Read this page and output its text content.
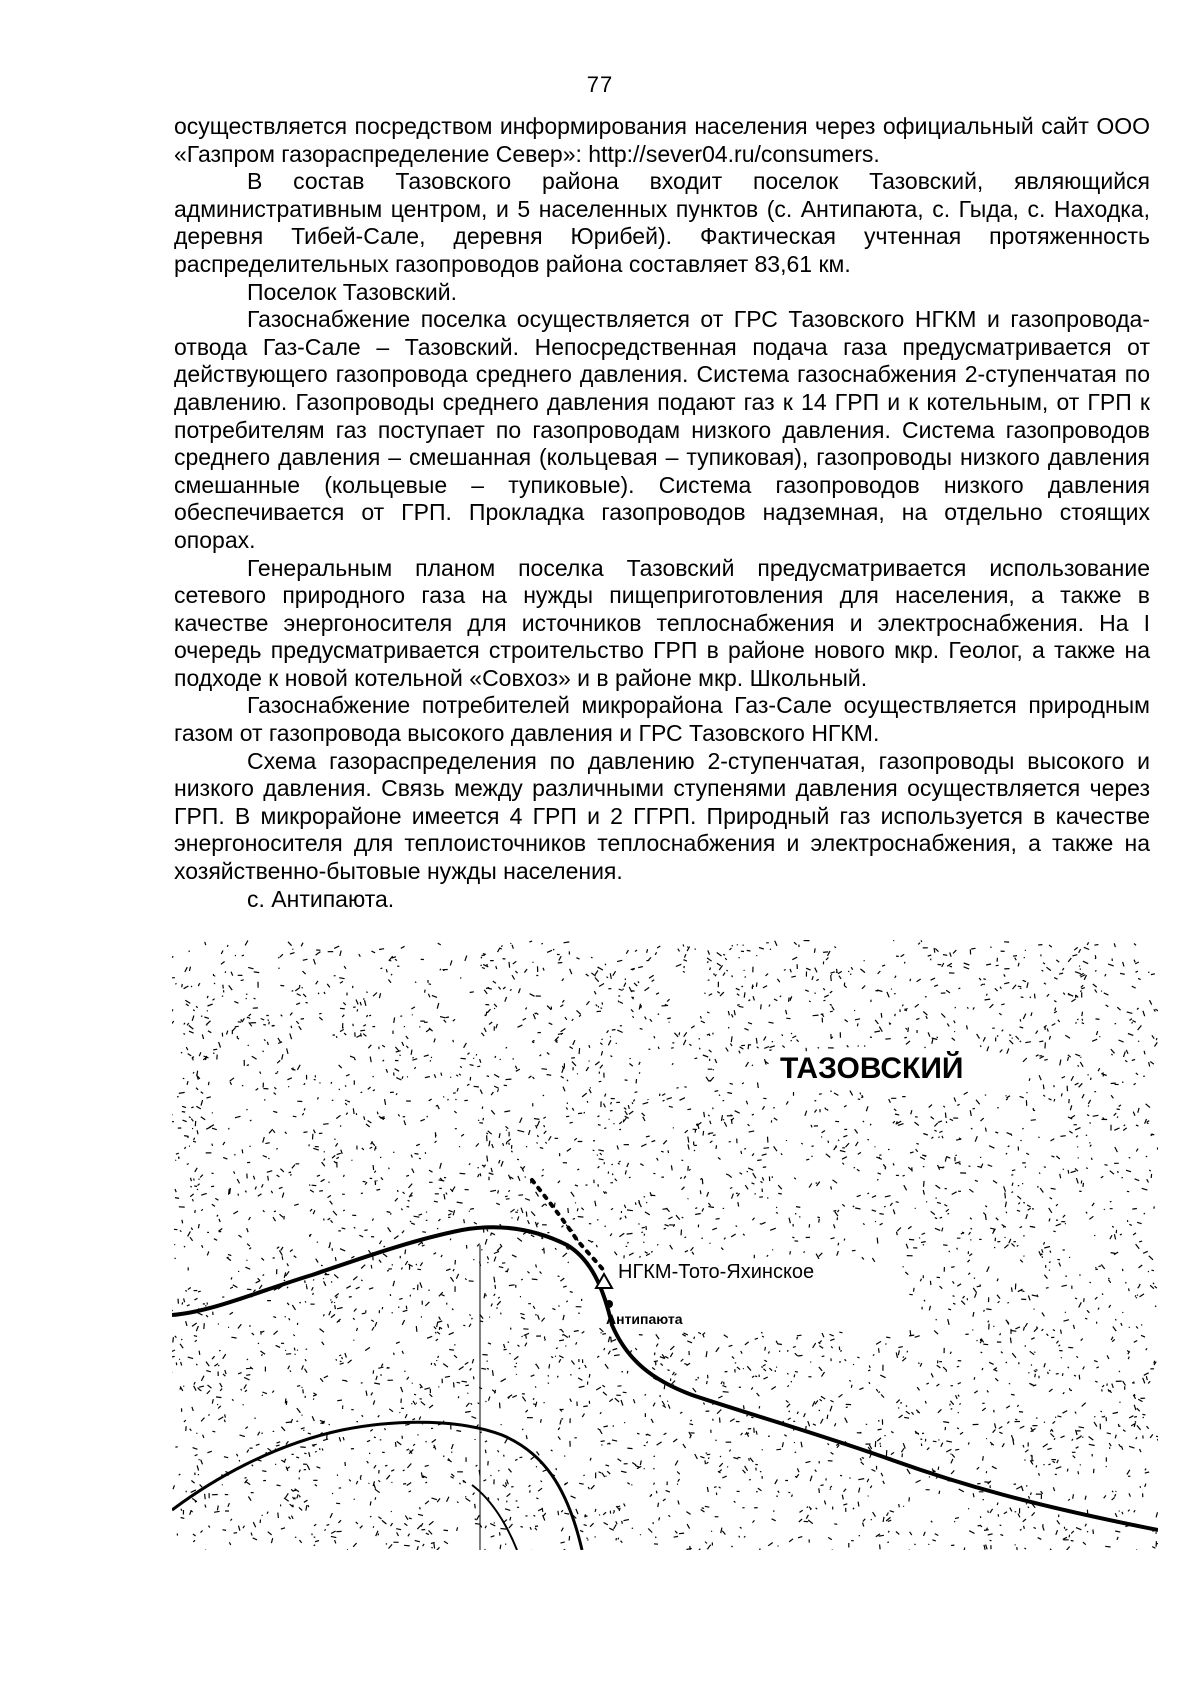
77

осуществляется посредством информирования населения через официальный сайт ООО «Газпром газораспределение Север»: http://sever04.ru/consumers.

В состав Тазовского района входит поселок Тазовский, являющийся административным центром, и 5 населенных пунктов (с. Антипаюта, с. Гыда, с. Находка, деревня Тибей-Сале, деревня Юрибей). Фактическая учтенная протяженность распределительных газопроводов района составляет 83,61 км.

Поселок Тазовский.

Газоснабжение поселка осуществляется от ГРС Тазовского НГКМ и газопровода-отвода Газ-Сале – Тазовский. Непосредственная подача газа предусматривается от действующего газопровода среднего давления. Система газоснабжения 2-ступенчатая по давлению. Газопроводы среднего давления подают газ к 14 ГРП и к котельным, от ГРП к потребителям газ поступает по газопроводам низкого давления. Система газопроводов среднего давления – смешанная (кольцевая – тупиковая), газопроводы низкого давления смешанные (кольцевые – тупиковые). Система газопроводов низкого давления обеспечивается от ГРП. Прокладка газопроводов надземная, на отдельно стоящих опорах.

Генеральным планом поселка Тазовский предусматривается использование сетевого природного газа на нужды пищеприготовления для населения, а также в качестве энергоносителя для источников теплоснабжения и электроснабжения. На I очередь предусматривается строительство ГРП в районе нового мкр. Геолог, а также на подходе к новой котельной «Совхоз» и в районе мкр. Школьный.

Газоснабжение потребителей микрорайона Газ-Сале осуществляется природным газом от газопровода высокого давления и ГРС Тазовского НГКМ.

Схема газораспределения по давлению 2-ступенчатая, газопроводы высокого и низкого давления. Связь между различными ступенями давления осуществляется через ГРП. В микрорайоне имеется 4 ГРП и 2 ГГРП. Природный газ используется в качестве энергоносителя для теплоисточников теплоснабжения и электроснабжения, а также на хозяйственно-бытовые нужды населения.

с. Антипаюта.

ТАЗОВСКИЙ
НГКМ-Тото-Яхинское
Антипаюта
